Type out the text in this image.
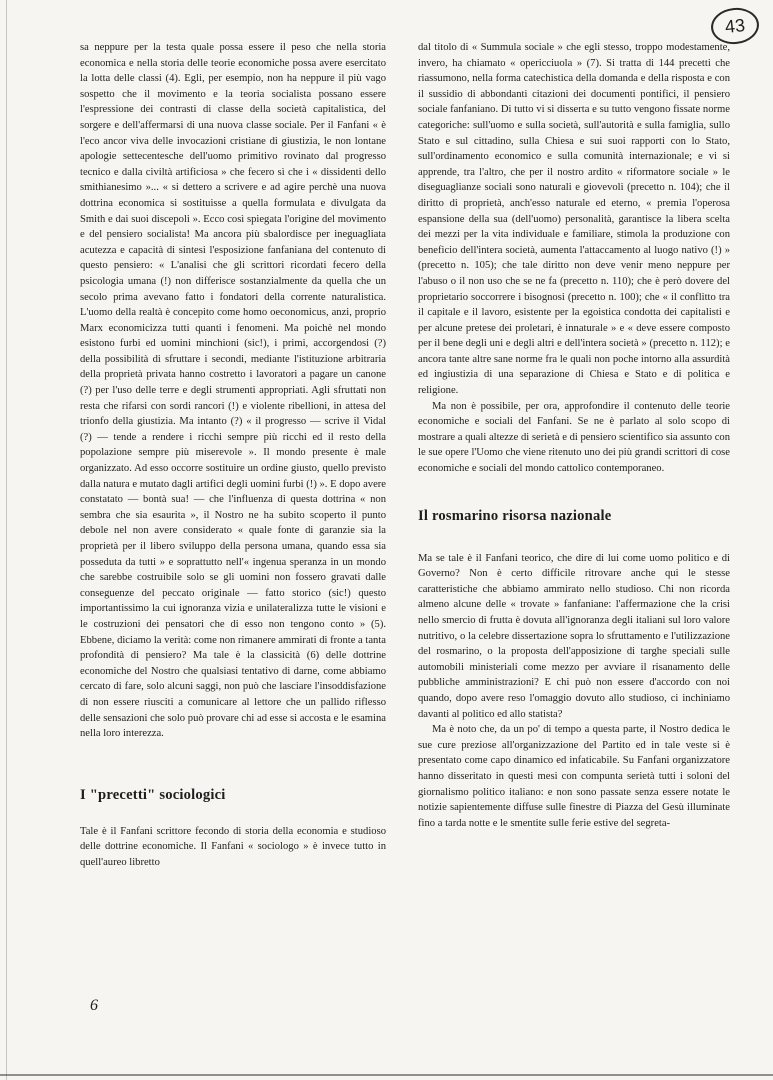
43

sa neppure per la testa quale possa essere il peso che nella storia economica e nella storia delle teorie economiche possa avere esercitato la lotta delle classi (4). Egli, per esempio, non ha neppure il più vago sospetto che il movimento e la teoria socialista possano essere l'espressione dei contrasti di classe della società capitalistica, del sorgere e dell'affermarsi di una nuova classe sociale. Per il Fanfani « è l'eco ancor viva delle invocazioni cristiane di giustizia, le non lontane apologie settecentesche dell'uomo primitivo rovinato dal progresso tecnico e dalla civiltà artificiosa » che fecero sì che i « dissidenti dello smithianesimo »... « si dettero a scrivere e ad agire perchè una nuova dottrina economica si sostituisse a quella formulata e divulgata da Smith e dai suoi discepoli ». Ecco così spiegata l'origine del movimento e del pensiero socialista! Ma ancora più sbalordisce per ineguagliata acutezza e capacità di sintesi l'esposizione fanfaniana del contenuto di questo pensiero: « L'analisi che gli scrittori ricordati fecero della psicologia umana (!) non differisce sostanzialmente da quella che un secolo prima avevano fatto i fondatori della corrente naturalistica. L'uomo della realtà è concepito come homo oeconomicus, anzi, proprio Marx economicizza tutti quanti i fenomeni. Ma poichè nel mondo esistono furbi ed uomini minchioni (sic!), i primi, accorgendosi (?) della possibilità di sfruttare i secondi, mediante l'istituzione arbitraria della proprietà privata hanno costretto i lavoratori a pagare un canone (?) per l'uso delle terre e degli strumenti appropriati. Agli sfruttati non resta che rifarsi con sordi rancori (!) e violente ribellioni, in attesa del trionfo della giustizia. Ma intanto (?) « il progresso — scrive il Vidal (?) — tende a rendere i ricchi sempre più ricchi ed il resto della popolazione sempre più miserevole ». Il mondo presente è male organizzato. Ad esso occorre sostituire un ordine giusto, quello previsto dalla natura e mutato dagli artifici degli uomini furbi (!) ». E dopo avere constatato — bontà sua! — che l'influenza di questa dottrina « non sembra che sia esaurita », il Nostro ne ha subito scoperto il punto debole nel non avere considerato « quale fonte di garanzie sia la proprietà per il libero sviluppo della persona umana, quando essa sia posseduta da tutti » e soprattutto nell'« ingenua speranza in un mondo che sarebbe costruibile solo se gli uomini non fossero gravati dalle conseguenze del peccato originale — fatto storico (sic!) questo importantissimo la cui ignoranza vizia e unilateralizza tutte le visioni e le costruzioni dei pensatori che di esso non tengono conto » (5). Ebbene, diciamo la verità: come non rimanere ammirati di fronte a tanta profondità di pensiero? Ma tale è la classicità (6) delle dottrine economiche del Nostro che qualsiasi tentativo di darne, come abbiamo cercato di fare, solo alcuni saggi, non può che lasciare l'insoddisfazione di non essere riusciti a comunicare al lettore che un pallido riflesso delle sensazioni che solo può provare chi ad esse si accosta e le esamina nella loro interezza.

I "precetti" sociologici

Tale è il Fanfani scrittore fecondo di storia della economia e studioso delle dottrine economiche. Il Fanfani « sociologo » è invece tutto in quell'aureo libretto

dal titolo di « Summula sociale » che egli stesso, troppo modestamente, invero, ha chiamato « opericciuola » (7). Si tratta di 144 precetti che riassumono, nella forma catechistica della domanda e della risposta e con il sussidio di abbondanti citazioni dei documenti pontifici, il pensiero sociale fanfaniano. Di tutto vi si disserta e su tutto vengono fissate norme categoriche: sull'uomo e sulla società, sull'autorità e sulla famiglia, sullo Stato e sul cittadino, sulla Chiesa e sui suoi rapporti con lo Stato, sull'ordinamento economico e sulla comunità internazionale; e vi si apprende, tra l'altro, che per il nostro ardito « riformatore sociale » le diseguaglianze sociali sono naturali e giovevoli (precetto n. 104); che il diritto di proprietà, anch'esso naturale ed eterno, « premia l'operosa espansione della sua (dell'uomo) personalità, garantisce la libera scelta dei mezzi per la vita individuale e familiare, stimola la produzione con beneficio dell'intera società, aumenta l'attaccamento al luogo nativo (!) » (precetto n. 105); che tale diritto non deve venir meno neppure per l'abuso o il non uso che se ne fa (precetto n. 110); che è però dovere del proprietario soccorrere i bisognosi (precetto n. 100); che « il conflitto tra il capitale e il lavoro, esistente per la egoistica condotta dei capitalisti e per alcune pretese dei proletari, è innaturale » e « deve essere composto per il bene degli uni e degli altri e dell'intera società » (precetto n. 112); e ancora tante altre sane norme fra le quali non poche intorno alla assurdità ed ingiustizia di una separazione di Chiesa e Stato e di politica e religione.

Ma non è possibile, per ora, approfondire il contenuto delle teorie economiche e sociali del Fanfani. Se ne è parlato al solo scopo di mostrare a quali altezze di serietà e di pensiero scientifico sia assunto con le sue opere l'Uomo che viene ritenuto uno dei più grandi scrittori di cose economiche e sociali del mondo cattolico contemporaneo.

Il rosmarino risorsa nazionale

Ma se tale è il Fanfani teorico, che dire di lui come uomo politico e di Governo? Non è certo difficile ritrovare anche qui le stesse caratteristiche che abbiamo ammirato nello studioso. Chi non ricorda almeno alcune delle « trovate » fanfaniane: l'affermazione che la crisi nello smercio di frutta è dovuta all'ignoranza degli italiani sul loro valore nutritivo, o la celebre dissertazione sopra lo sfruttamento e l'utilizzazione del rosmarino, o la proposta dell'apposizione di targhe speciali sulle automobili ministeriali come mezzo per avviare il risanamento delle pubbliche amministrazioni? E chi può non essere d'accordo con noi quando, dopo avere reso l'omaggio dovuto allo studioso, ci inchiniamo davanti al politico ed allo statista?

Ma è noto che, da un po' di tempo a questa parte, il Nostro dedica le sue cure preziose all'organizzazione del Partito ed in tale veste si è presentato come capo dinamico ed infaticabile. Su Fanfani organizzatore hanno disseritato in questi mesi con compunta serietà tutti i soloni del giornalismo politico italiano: e non sono passate senza essere notate le notizie sapientemente diffuse sulle finestre di Piazza del Gesù illuminate fino a tarda notte e le smentite sulle ferie estive del segreta-

6
